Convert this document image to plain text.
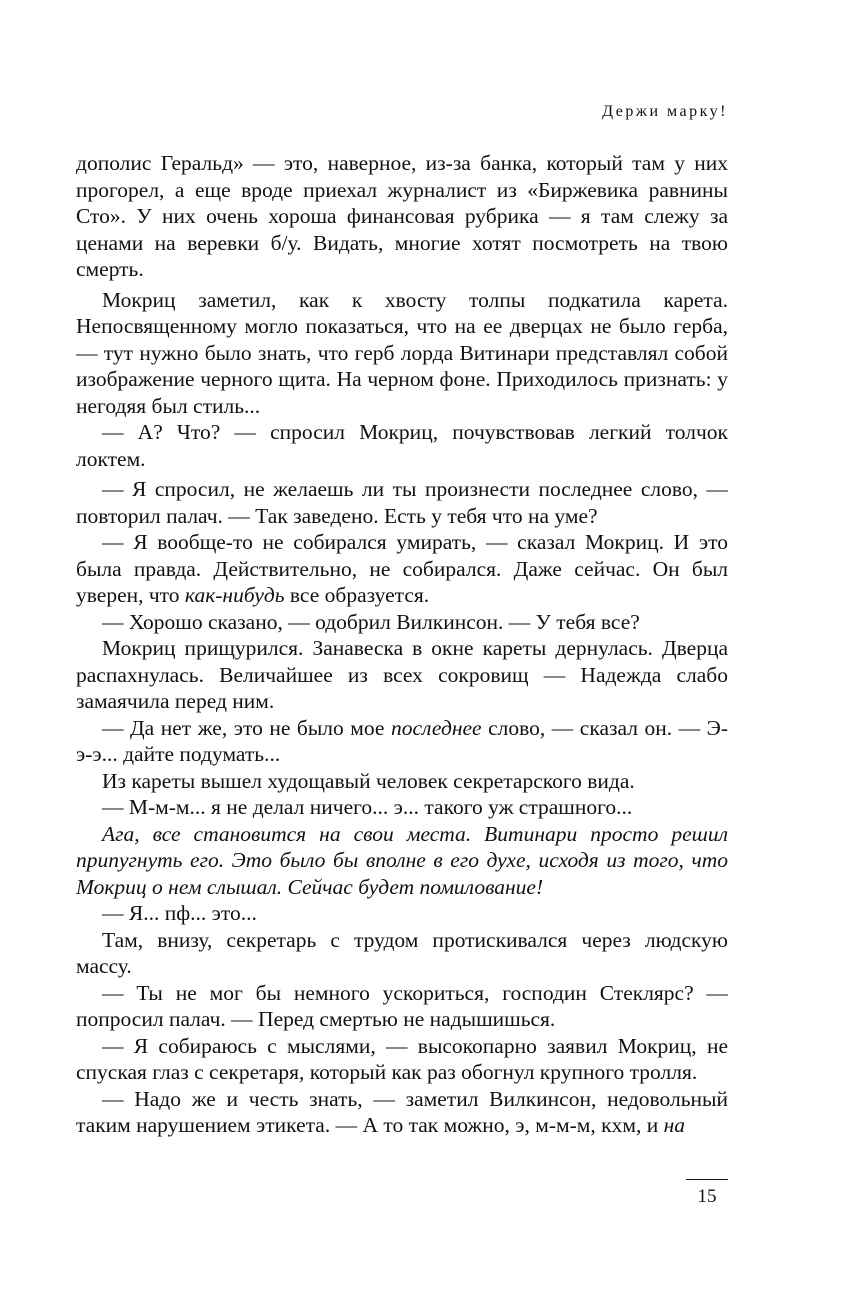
Держи марку!

дополис Геральд» — это, наверное, из-за банка, который там у них прогорел, а еще вроде приехал журналист из «Биржевика равнины Сто». У них очень хороша финансовая рубрика — я там слежу за ценами на веревки б/у. Видать, многие хотят посмотреть на твою смерть.

Мокриц заметил, как к хвосту толпы подкатила карета. Непосвященному могло показаться, что на ее дверцах не было герба, — тут нужно было знать, что герб лорда Витинари представлял собой изображение черного щита. На черном фоне. Приходилось признать: у негодяя был стиль...

— А? Что? — спросил Мокриц, почувствовав легкий толчок локтем.

— Я спросил, не желаешь ли ты произнести последнее слово, — повторил палач. — Так заведено. Есть у тебя что на уме?

— Я вообще-то не собирался умирать, — сказал Мокриц. И это была правда. Действительно, не собирался. Даже сейчас. Он был уверен, что как-нибудь все образуется.

— Хорошо сказано, — одобрил Вилкинсон. — У тебя все?

Мокриц прищурился. Занавеска в окне кареты дернулась. Дверца распахнулась. Величайшее из всех сокровищ — Надежда слабо замаячила перед ним.

— Да нет же, это не было мое последнее слово, — сказал он. — Э-э-э... дайте подумать...

Из кареты вышел худощавый человек секретарского вида.

— М-м-м... я не делал ничего... э... такого уж страшного...

Ага, все становится на свои места. Витинари просто решил припугнуть его. Это было бы вполне в его духе, исходя из того, что Мокриц о нем слышал. Сейчас будет помилование!

— Я... пф... это...

Там, внизу, секретарь с трудом протискивался через людскую массу.

— Ты не мог бы немного ускориться, господин Стеклярс? — попросил палач. — Перед смертью не надышишься.

— Я собираюсь с мыслями, — высокопарно заявил Мокриц, не спуская глаз с секретаря, который как раз обогнул крупного тролля.

— Надо же и честь знать, — заметил Вилкинсон, недовольный таким нарушением этикета. — А то так можно, э, м-м-м, кхм, и на

15
